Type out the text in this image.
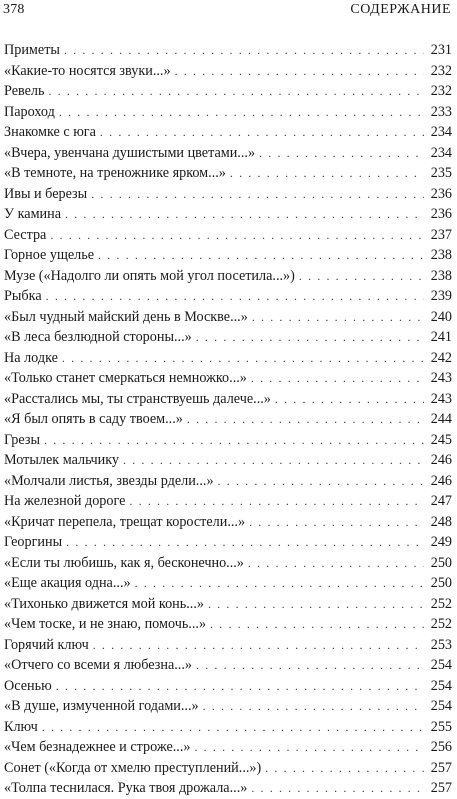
378	СОДЕРЖАНИЕ
Приметы . . .	231
«Какие-то носятся звуки...» . . .	232
Ревель . . .	232
Пароход . . .	233
Знакомке с юга . . .	234
«Вчера, увенчана душистыми цветами...» . . .	234
«В темноте, на треножнике ярком...» . . .	235
Ивы и березы . . .	236
У камина . . .	236
Сестра . . .	237
Горное ущелье . . .	238
Музе («Надолго ли опять мой угол посетила...») . . .	238
Рыбка . . .	239
«Был чудный майский день в Москве...» . . .	240
«В леса безлюдной стороны...» . . .	241
На лодке . . .	242
«Только станет смеркаться немножко...» . . .	243
«Расстались мы, ты странствуешь далече...» . . .	243
«Я был опять в саду твоем...» . . .	244
Грезы . . .	245
Мотылек мальчику . . .	246
«Молчали листья, звезды рдели...» . . .	246
На железной дороге . . .	247
«Кричат перепела, трещат коростели...» . . .	248
Георгины . . .	249
«Если ты любишь, как я, бесконечно...» . . .	250
«Еще акация одна...» . . .	250
«Тихонько движется мой конь...» . . .	252
«Чем тоске, и не знаю, помочь...» . . .	252
Горячий ключ . . .	253
«Отчего со всеми я любезна...» . . .	254
Осенью . . .	254
«В душе, измученной годами...» . . .	254
Ключ . . .	255
«Чем безнадежнее и строже...» . . .	256
Сонет («Когда от хмелю преступлений...») . . .	257
«Толпа теснилася. Рука твоя дрожала...» . . .	257
